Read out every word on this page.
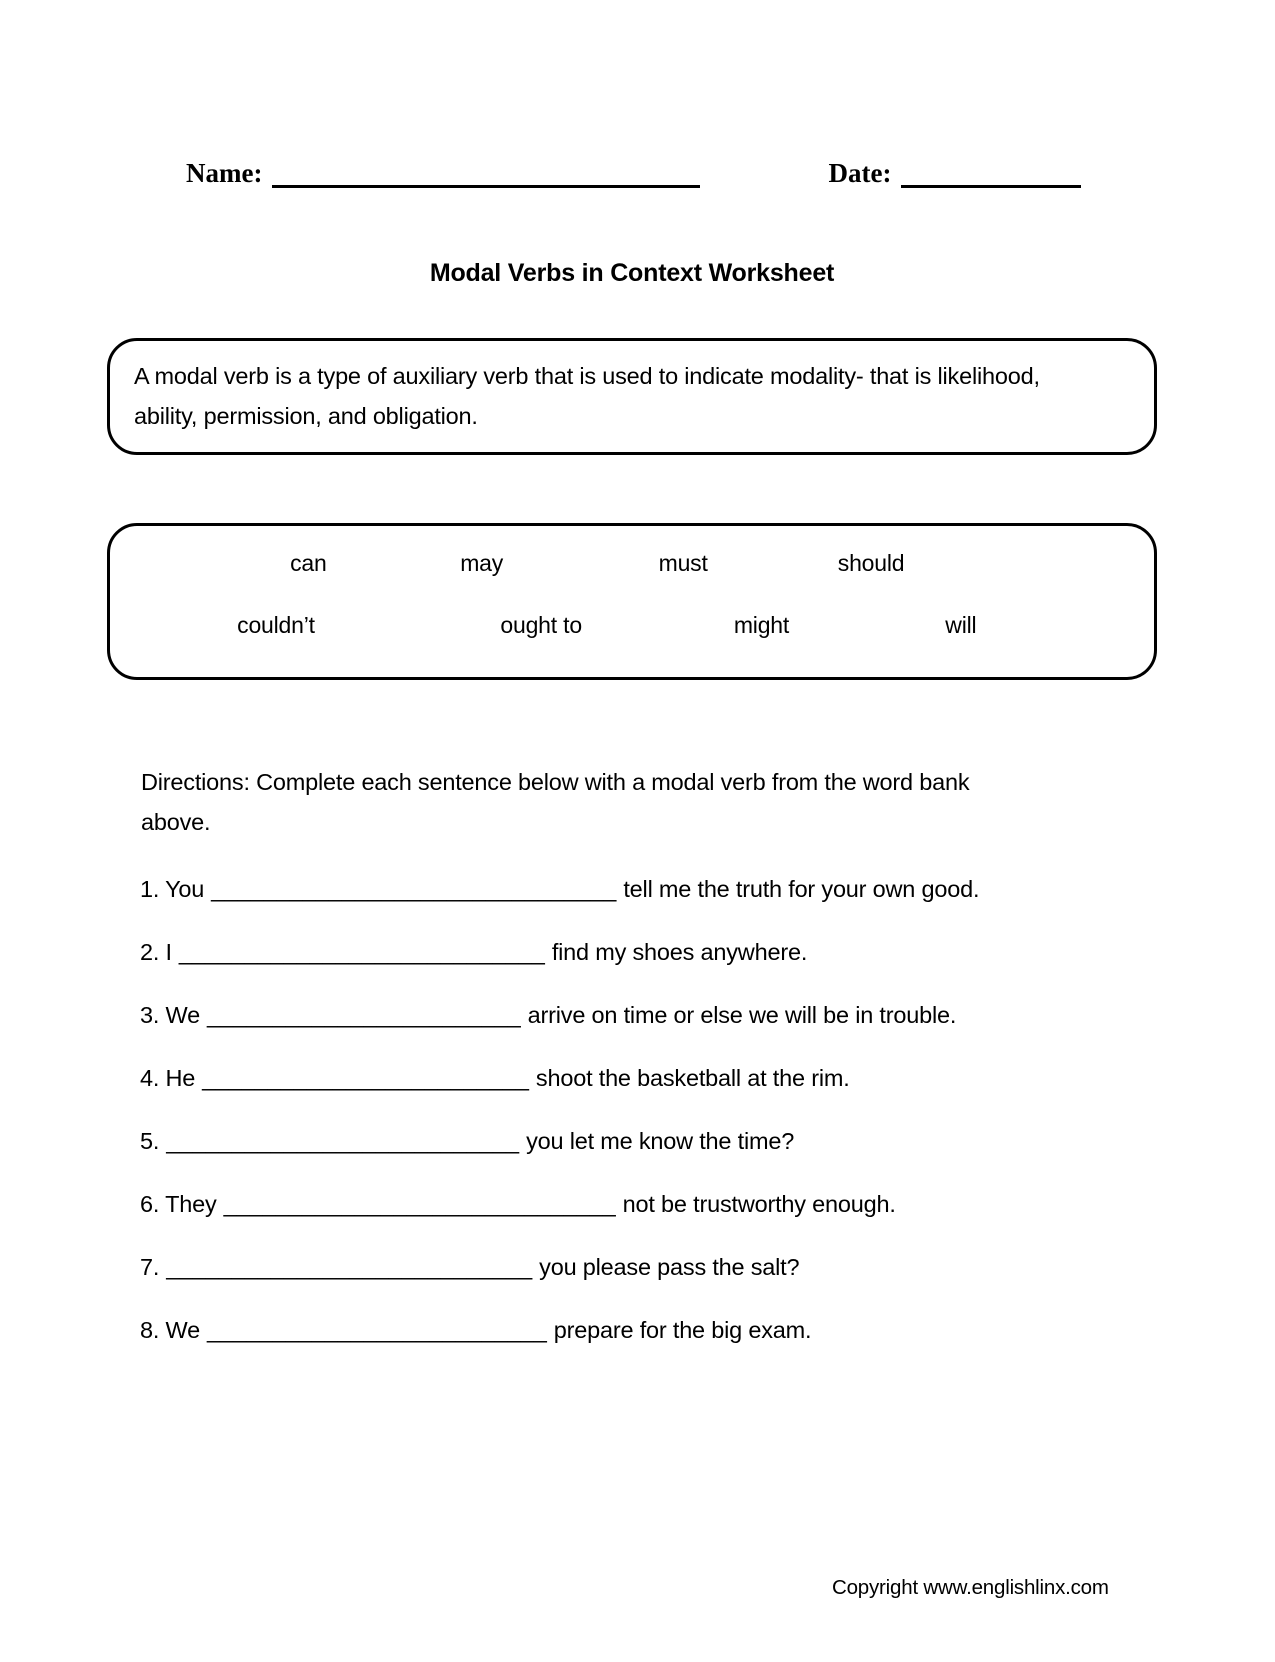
Name:	Date:
Modal Verbs in Context Worksheet

A modal verb is a type of auxiliary verb that is used to indicate modality- that is likelihood, ability, permission, and obligation.

can	may	must	should
couldn’t	ought to	might	will

Directions: Complete each sentence below with a modal verb from the word bank above.

1. You _______________________________ tell me the truth for your own good.
2. I ____________________________ find my shoes anywhere.
3. We ________________________ arrive on time or else we will be in trouble.
4. He _________________________ shoot the basketball at the rim.
5. ___________________________ you let me know the time?
6. They ______________________________ not be trustworthy enough.
7. ____________________________ you please pass the salt?
8. We __________________________ prepare for the big exam.
Copyright www.englishlinx.com
